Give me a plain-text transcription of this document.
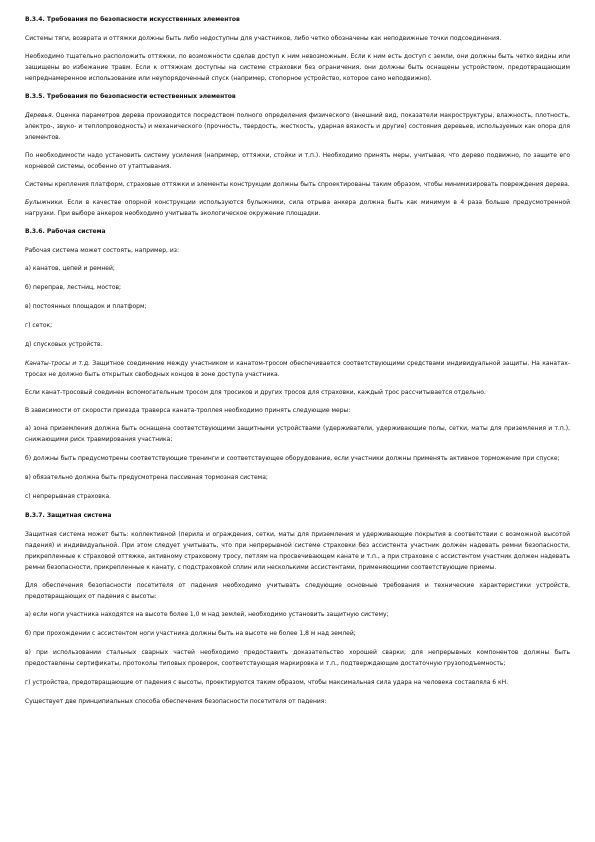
В.3.4. Требования по безопасности искусственных элементов

Системы тяги, возврата и оттяжки должны быть либо недоступны для участников, либо четко обозначены как неподвижные точки подсоединения.

Необходимо тщательно расположить оттяжки, по возможности сделав доступ к ним невозможным. Если к ним есть доступ с земли, они должны быть четко видны или защищены во избежание травм. Если к оттяжкам доступны на системе страховки без ограничения, они должны быть оснащены устройством, предотвращающим непреднамеренное использование или неупорядоченный спуск (например, стопорное устройство, которое само неподвижно).

В.3.5. Требования по безопасности естественных элементов

Деревья. Оценка параметров дерева производится посредством полного определения физического (внешний вид, показатели макроструктуры, влажность, плотность, электро-, звуко- и теплопроводность) и механического (прочность, твердость, жесткость, ударная вязкость и другие) состояния деревьев, используемых как опора для элементов.

По необходимости надо установить систему усиления (например, оттяжки, стойки и т.п.). Необходимо принять меры, учитывая, что дерево подвижно, по защите его корневой системы, особенно от утаптывания.

Системы крепления платформ, страховые оттяжки и элементы конструкции должны быть спроектированы таким образом, чтобы минимизировать повреждения дерева.

Булыжники. Если в качестве опорной конструкции используются булыжники, сила отрыва анкера должна быть как минимум в 4 раза больше предусмотренной нагрузки. При выборе анкеров необходимо учитывать экологическое окружение площадки.

В.3.6. Рабочая система

Рабочая система может состоять, например, из:

а) канатов, цепей и ремней;

б) переправ, лестниц, мостов;

в) постоянных площадок и платформ;

г) сеток;

д) спусковых устройств.

Канаты-тросы и т.д. Защитное соединение между участником и канатом-тросом обеспечивается соответствующими средствами индивидуальной защиты. На канатах-тросах не должно быть открытых свободных концов в зоне доступа участника.

Если канат-тросовый соединен вспомогательным тросом для тросиков и других тросов для страховки, каждый трос рассчитывается отдельно.

В зависимости от скорости приезда траверса каната-троллея необходимо принять следующие меры:

а) зона приземления должна быть оснащена соответствующими защитными устройствами (удерживатели, удерживающие полы, сетки, маты для приземления и т.п.), снижающими риск травмирования участника;

б) должны быть предусмотрены соответствующие тренинги и соответствующее оборудование, если участники должны применять активное торможение при спуске;

в) обязательно должна быть предусмотрена пассивная тормозная система;

с) непрерывная страховка.

В.3.7. Защитная система

Защитная система может быть: коллективной (перила и ограждения, сетки, маты для приземления и удерживающие покрытия в соответствии с возможной высотой падения) и индивидуальной. При этом следует учитывать, что при непрерывной системе страховки без ассистента участник должен надевать ремни безопасности, прикрепленные к страховой оттяжке, активному страховому тросу, петлям на просвечивающем канате и т.п., а при страховке с ассистентом участник должен надевать ремни безопасности, прикрепленные к канату, с подстраховкой сплин или несколькими ассистентами, применяющими соответствующие приемы.

Для обеспечения безопасности посетителя от падения необходимо учитывать следующие основные требования и технические характеристики устройств, предотвращающих от падения с высоты:

а) если ноги участника находятся на высоте более 1,0 м над землей, необходимо установить защитную систему;

б) при прохождении с ассистентом ноги участника должны быть на высоте не более 1,8 м над землей;

в) при использовании стальных сварных частей необходимо предоставить доказательство хорошей сварки; для непрерывных компонентов должны быть предоставлены сертификаты, протоколы типовых проверок, соответствующая маркировка и т.п., подтверждающие достаточную грузоподъемность;

г) устройства, предотвращающие от падения с высоты, проектируются таким образом, чтобы максимальная сила удара на человека составляла 6 кН.

Существует две принципиальных способа обеспечения безопасности посетителя от падения:
